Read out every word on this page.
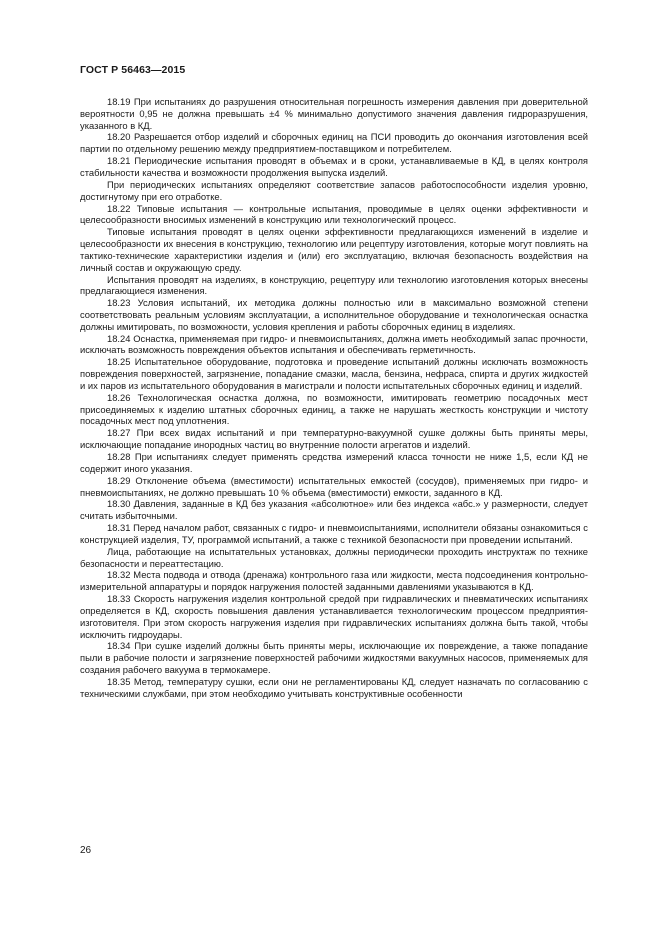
ГОСТ Р 56463—2015

18.19 При испытаниях до разрушения относительная погрешность измерения давления при доверительной вероятности 0,95 не должна превышать ±4 % минимально допустимого значения давления гидроразрушения, указанного в КД.

18.20 Разрешается отбор изделий и сборочных единиц на ПСИ проводить до окончания изготовления всей партии по отдельному решению между предприятием-поставщиком и потребителем.

18.21 Периодические испытания проводят в объемах и в сроки, устанавливаемые в КД, в целях контроля стабильности качества и возможности продолжения выпуска изделий.

При периодических испытаниях определяют соответствие запасов работоспособности изделия уровню, достигнутому при его отработке.

18.22 Типовые испытания — контрольные испытания, проводимые в целях оценки эффективности и целесообразности вносимых изменений в конструкцию или технологический процесс.

Типовые испытания проводят в целях оценки эффективности предлагающихся изменений в изделие и целесообразности их внесения в конструкцию, технологию или рецептуру изготовления, которые могут повлиять на тактико-технические характеристики изделия и (или) его эксплуатацию, включая безопасность воздействия на личный состав и окружающую среду.

Испытания проводят на изделиях, в конструкцию, рецептуру или технологию изготовления которых внесены предлагающиеся изменения.

18.23 Условия испытаний, их методика должны полностью или в максимально возможной степени соответствовать реальным условиям эксплуатации, а исполнительное оборудование и технологическая оснастка должны имитировать, по возможности, условия крепления и работы сборочных единиц в изделиях.

18.24 Оснастка, применяемая при гидро- и пневмоиспытаниях, должна иметь необходимый запас прочности, исключать возможность повреждения объектов испытания и обеспечивать герметичность.

18.25 Испытательное оборудование, подготовка и проведение испытаний должны исключать возможность повреждения поверхностей, загрязнение, попадание смазки, масла, бензина, нефраса, спирта и других жидкостей и их паров из испытательного оборудования в магистрали и полости испытательных сборочных единиц и изделий.

18.26 Технологическая оснастка должна, по возможности, имитировать геометрию посадочных мест присоединяемых к изделию штатных сборочных единиц, а также не нарушать жесткость конструкции и чистоту посадочных мест под уплотнения.

18.27 При всех видах испытаний и при температурно-вакуумной сушке должны быть приняты меры, исключающие попадание инородных частиц во внутренние полости агрегатов и изделий.

18.28 При испытаниях следует применять средства измерений класса точности не ниже 1,5, если КД не содержит иного указания.

18.29 Отклонение объема (вместимости) испытательных емкостей (сосудов), применяемых при гидро- и пневмоиспытаниях, не должно превышать 10 % объема (вместимости) емкости, заданного в КД.

18.30 Давления, заданные в КД без указания «абсолютное» или без индекса «абс.» у размерности, следует считать избыточными.

18.31 Перед началом работ, связанных с гидро- и пневмоиспытаниями, исполнители обязаны ознакомиться с конструкцией изделия, ТУ, программой испытаний, а также с техникой безопасности при проведении испытаний.

Лица, работающие на испытательных установках, должны периодически проходить инструктаж по технике безопасности и переаттестацию.

18.32 Места подвода и отвода (дренажа) контрольного газа или жидкости, места подсоединения контрольно-измерительной аппаратуры и порядок нагружения полостей заданными давлениями указываются в КД.

18.33 Скорость нагружения изделия контрольной средой при гидравлических и пневматических испытаниях определяется в КД, скорость повышения давления устанавливается технологическим процессом предприятия-изготовителя. При этом скорость нагружения изделия при гидравлических испытаниях должна быть такой, чтобы исключить гидроудары.

18.34 При сушке изделий должны быть приняты меры, исключающие их повреждение, а также попадание пыли в рабочие полости и загрязнение поверхностей рабочими жидкостями вакуумных насосов, применяемых для создания рабочего вакуума в термокамере.

18.35 Метод, температуру сушки, если они не регламентированы КД, следует назначать по согласованию с техническими службами, при этом необходимо учитывать конструктивные особенности

26
